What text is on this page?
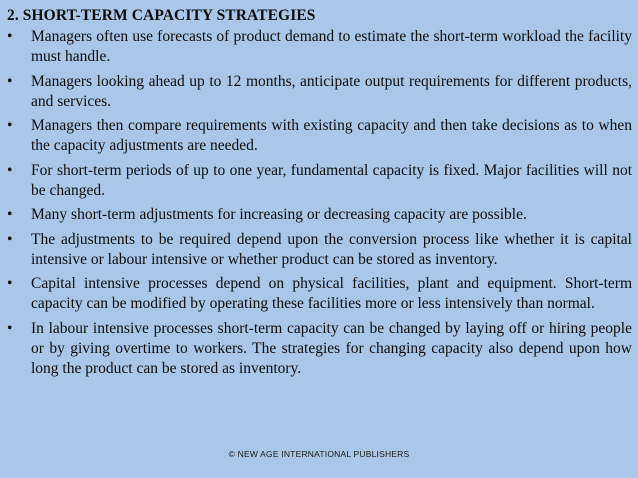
2. SHORT-TERM CAPACITY STRATEGIES
•	Managers often use forecasts of product demand to estimate the short-term workload the facility must handle.
•	Managers looking ahead up to 12 months, anticipate output requirements for different products, and services.
•	Managers then compare requirements with existing capacity and then take decisions as to when the capacity adjustments are needed.
•	For short-term periods of up to one year, fundamental capacity is fixed. Major facilities will not be changed.
•	Many short-term adjustments for increasing or decreasing capacity are possible.
•	The adjustments to be required depend upon the conversion process like whether it is capital intensive or labour intensive or whether product can be stored as inventory.
•	Capital intensive processes depend on physical facilities, plant and equipment. Short-term capacity can be modified by operating these facilities more or less intensively than normal.
•	In labour intensive processes short-term capacity can be changed by laying off or hiring people or by giving overtime to workers. The strategies for changing capacity also depend upon how long the product can be stored as inventory.
© NEW AGE INTERNATIONAL PUBLISHERS
